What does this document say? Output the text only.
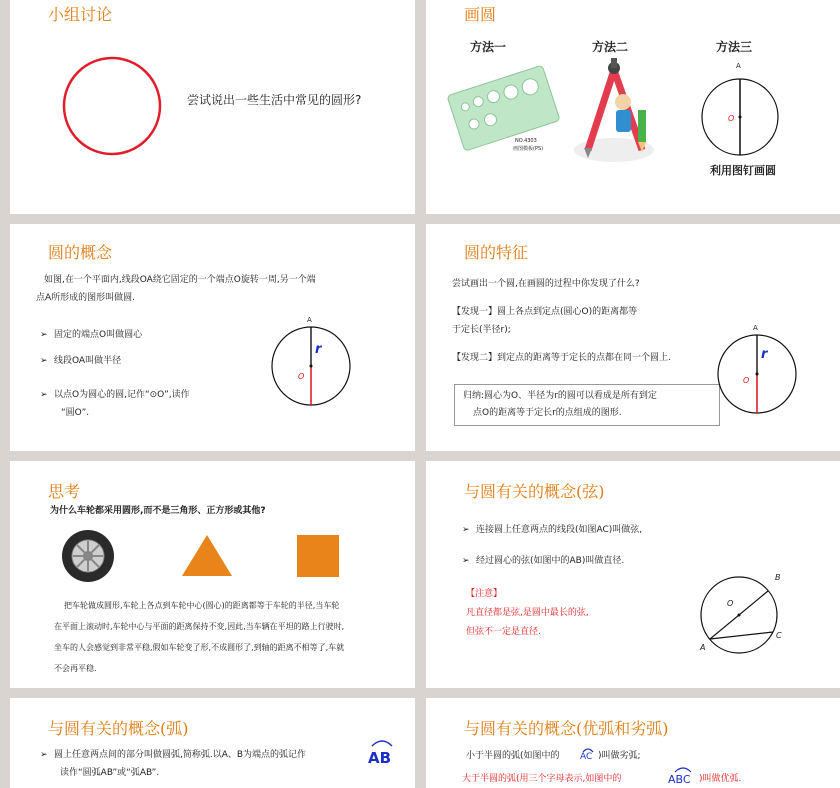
小组讨论
尝试说出一些生活中常见的圆形?
画圆
方法一	方法二	方法三
NO.4303
画图模板(PS)
A
O
利用图钉画圆
圆的概念
如图,在一个平面内,线段OA绕它固定的一个端点O旋转一周,另一个端
点A所形成的图形叫做圆.
➢ 固定的端点O叫做圆心
➢ 线段OA叫做半径
➢ 以点O为圆心的圆,记作“⊙O”,读作
“圆O”.
A
O
r
圆的特征
尝试画出一个圆,在画圆的过程中你发现了什么?
【发现一】圆上各点到定点(圆心O)的距离都等
于定长(半径r);
【发现二】到定点的距离等于定长的点都在同一个圆上.
归纳:圆心为O、半径为r的圆可以看成是所有到定
点O的距离等于定长r的点组成的图形.
A
O
r
思考
为什么车轮都采用圆形,而不是三角形、正方形或其他?
把车轮做成圆形,车轮上各点到车轮中心(圆心)的距离都等于车轮的半径,当车轮
在平面上滚动时,车轮中心与平面的距离保持不变,因此,当车辆在平坦的路上行驶时,
坐车的人会感觉到非常平稳,假如车轮变了形,不成圆形了,到轴的距离不相等了,车就
不会再平稳.
与圆有关的概念(弦)
➢ 连接圆上任意两点的线段(如图AC)叫做弦,
➢ 经过圆心的弦(如图中的AB)叫做直径.
【注意】
凡直径都是弦,是圆中最长的弦,
但弦不一定是直径.
B
O
C
A
与圆有关的概念(弧)
➢ 圆上任意两点间的部分叫做圆弧,简称弧.以A、B为端点的弧记作
读作“圆弧AB”或“弧AB”.
AB
与圆有关的概念(优弧和劣弧)
小于半圆的弧(如图中的 AC )叫做劣弧;
大于半圆的弧(用三个字母表示,如图中的	ABC )叫做优弧.
